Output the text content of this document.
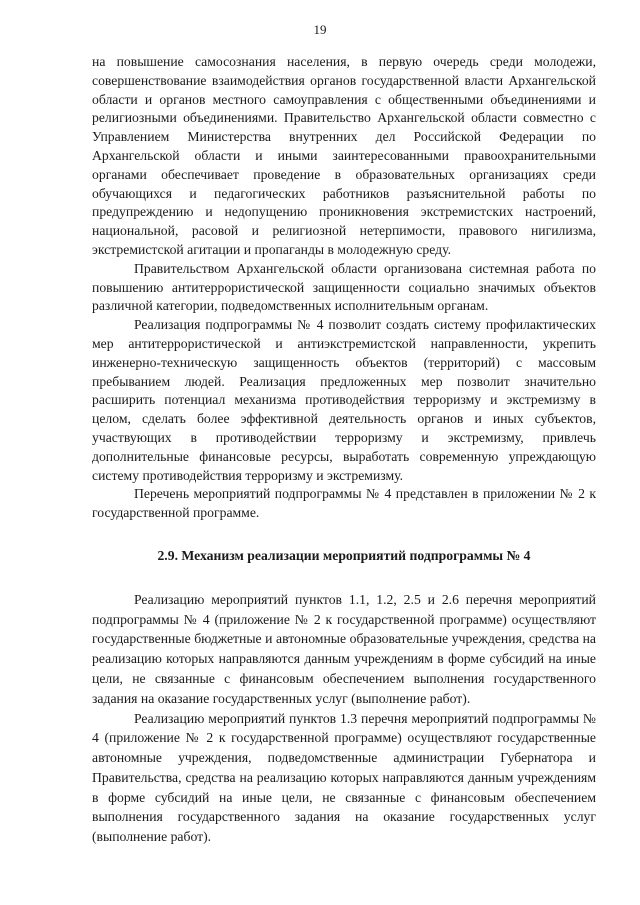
19

на повышение самосознания населения, в первую очередь среди молодежи, совершенствование взаимодействия органов государственной власти Архангельской области и органов местного самоуправления с общественными объединениями и религиозными объединениями. Правительство Архангельской области совместно с Управлением Министерства внутренних дел Российской Федерации по Архангельской области и иными заинтересованными правоохранительными органами обеспечивает проведение в образовательных организациях среди обучающихся и педагогических работников разъяснительной работы по предупреждению и недопущению проникновения экстремистских настроений, национальной, расовой и религиозной нетерпимости, правового нигилизма, экстремистской агитации и пропаганды в молодежную среду.

Правительством Архангельской области организована системная работа по повышению антитеррористической защищенности социально значимых объектов различной категории, подведомственных исполнительным органам.

Реализация подпрограммы № 4 позволит создать систему профилактических мер антитеррористической и антиэкстремистской направленности, укрепить инженерно-техническую защищенность объектов (территорий) с массовым пребыванием людей. Реализация предложенных мер позволит значительно расширить потенциал механизма противодействия терроризму и экстремизму в целом, сделать более эффективной деятельность органов и иных субъектов, участвующих в противодействии терроризму и экстремизму, привлечь дополнительные финансовые ресурсы, выработать современную упреждающую систему противодействия терроризму и экстремизму.

Перечень мероприятий подпрограммы № 4 представлен в приложении № 2 к государственной программе.

2.9. Механизм реализации мероприятий подпрограммы № 4

Реализацию мероприятий пунктов 1.1, 1.2, 2.5 и 2.6 перечня мероприятий подпрограммы № 4 (приложение № 2 к государственной программе) осуществляют государственные бюджетные и автономные образовательные учреждения, средства на реализацию которых направляются данным учреждениям в форме субсидий на иные цели, не связанные с финансовым обеспечением выполнения государственного задания на оказание государственных услуг (выполнение работ).

Реализацию мероприятий пунктов 1.3 перечня мероприятий подпрограммы № 4 (приложение № 2 к государственной программе) осуществляют государственные автономные учреждения, подведомственные администрации Губернатора и Правительства, средства на реализацию которых направляются данным учреждениям в форме субсидий на иные цели, не связанные с финансовым обеспечением выполнения государственного задания на оказание государственных услуг (выполнение работ).
